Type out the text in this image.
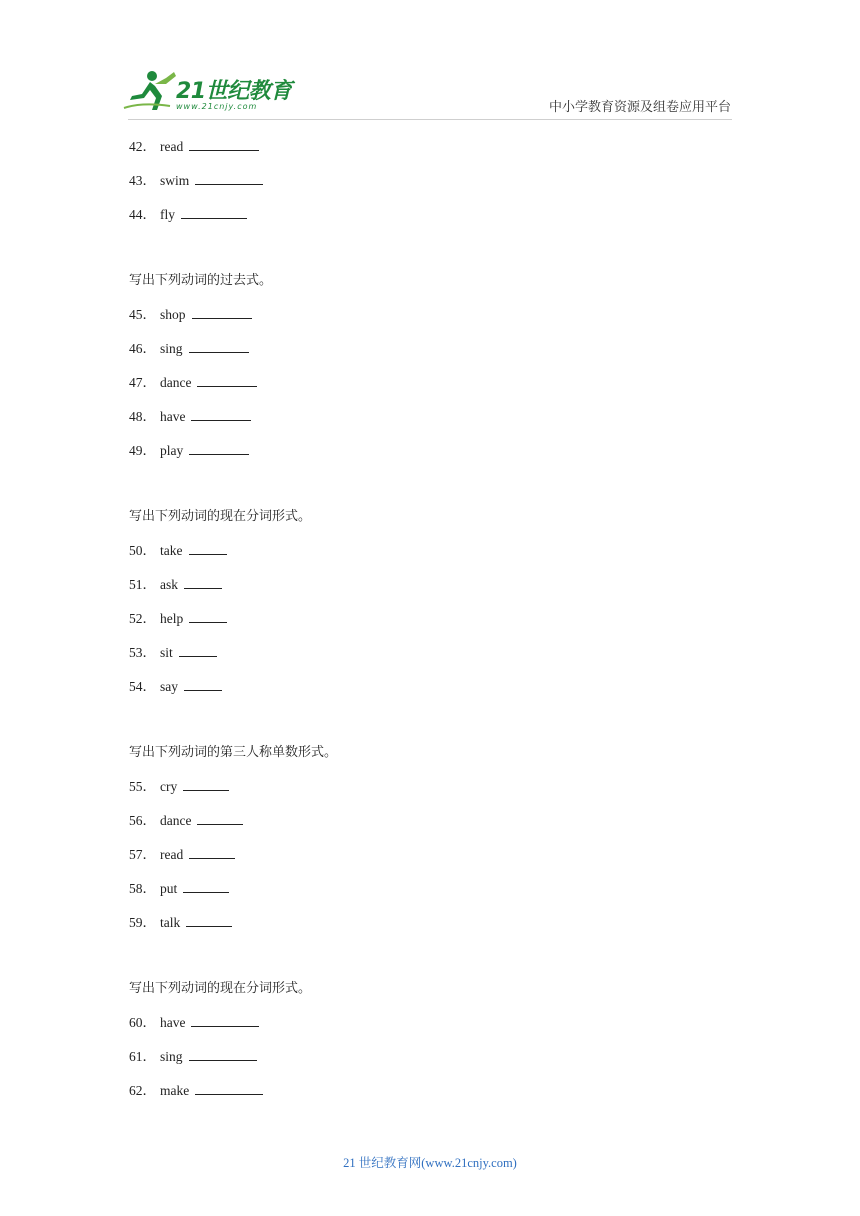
21世纪教育
www.21cnjy.com	中小学教育资源及组卷应用平台
42． read
43． swim
44． fly
写出下列动词的过去式。
45． shop
46． sing
47． dance
48． have
49． play
写出下列动词的现在分词形式。
50． take
51． ask
52． help
53． sit
54． say
写出下列动词的第三人称单数形式。
55． cry
56． dance
57． read
58． put
59． talk
写出下列动词的现在分词形式。
60． have
61． sing
62． make
21 世纪教育网(www.21cnjy.com)
